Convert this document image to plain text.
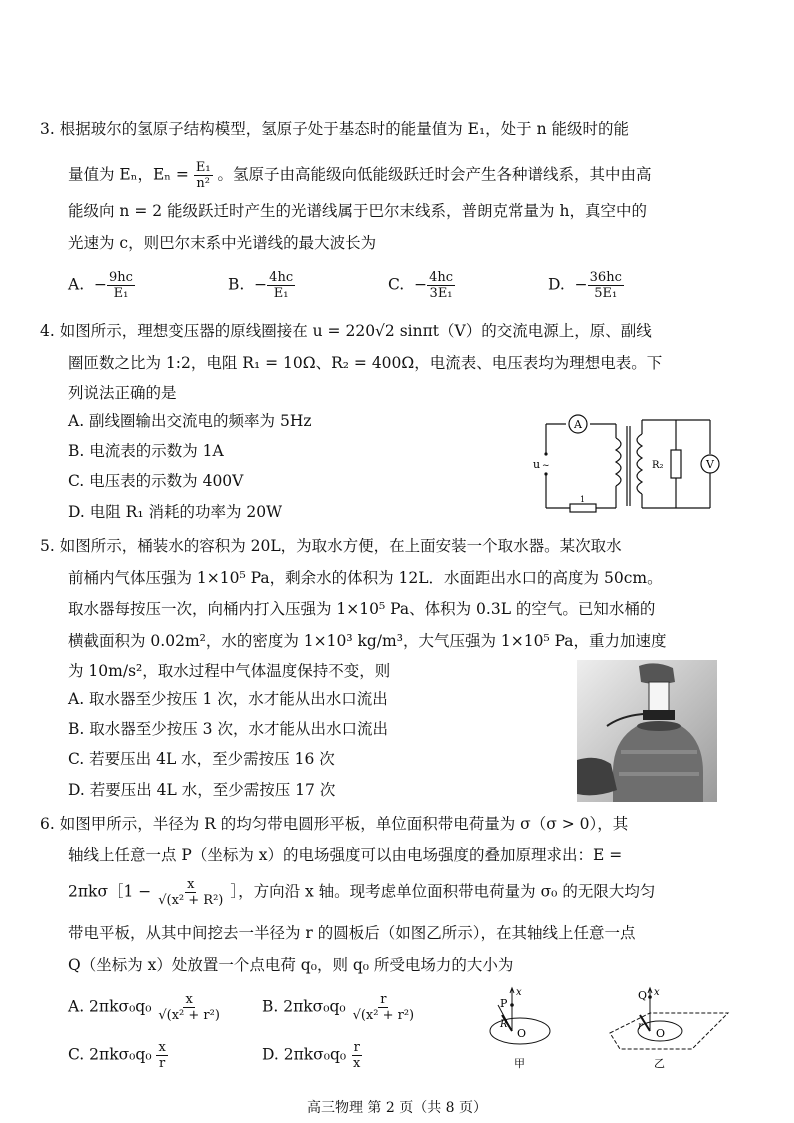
3. 根据玻尔的氢原子结构模型，氢原子处于基态时的能量值为 E₁，处于 n 能级时的能
量值为 Eₙ，$E_n = \frac{\text{E₁}}{\text{n²}}$ 。氢原子由高能级向低能级跃迁时会产生各种谱线系，其中由高
能级向 n = 2 能级跃迁时产生的光谱线属于巴尔末线系，普朗克常量为 h，真空中的
光速为 c，则巴尔末系中光谱线的最大波长为
A.  − $\frac{9hc}{\text{E₁}}$	B.  − $\frac{4hc}{\text{E₁}}$	C.  − $\frac{4hc}{\text{3E₁}}$	D.  − $\frac{36hc}{\text{5E₁}}$
4. 如图所示，理想变压器的原线圈接在 u = 220√2 sinπt（V）的交流电源上，原、副线
圈匝数之比为 1:2，电阻 R₁ = 10Ω、R₂ = 400Ω，电流表、电压表均为理想电表。下
列说法正确的是
A. 副线圈输出交流电的频率为 5Hz
B. 电流表的示数为 1A
C. 电压表的示数为 400V
D. 电阻 R₁ 消耗的功率为 20W
A
V
u ~	R₂
1
5. 如图所示，桶装水的容积为 20L，为取水方便，在上面安装一个取水器。某次取水
前桶内气体压强为 1×10⁵ Pa，剩余水的体积为 12L．水面距出水口的高度为 50cm。
取水器每按压一次，向桶内打入压强为 1×10⁵ Pa、体积为 0.3L 的空气。已知水桶的
横截面积为 0.02m²，水的密度为 1×10³ kg/m³，大气压强为 1×10⁵ Pa，重力加速度
为 10m/s²，取水过程中气体温度保持不变，则
A. 取水器至少按压 1 次，水才能从出水口流出
B. 取水器至少按压 3 次，水才能从出水口流出
C. 若要压出 4L 水，至少需按压 16 次
D. 若要压出 4L 水，至少需按压 17 次
6. 如图甲所示，半径为 R 的均匀带电圆形平板，单位面积带电荷量为 σ（σ > 0），其
轴线上任意一点 P（坐标为 x）的电场强度可以由电场强度的叠加原理求出：E =
2πkσ［1 − $\frac{x}{\text{√(x² + R²)}}$ ］，方向沿 x 轴。现考虑单位面积带电荷量为 σ₀ 的无限大均匀
带电平板，从其中间挖去一半径为 r 的圆板后（如图乙所示），在其轴线上任意一点
Q（坐标为 x）处放置一个点电荷 q₀，则 q₀ 所受电场力的大小为
A. $2\pi k\sigma_0q_0 \frac{x}{\text{√(x² + r²)}}$	B. $2\pi k\sigma_0q_0 \frac{r}{\text{√(x² + r²)}}$
C. $2\pi k\sigma_0q_0 \frac{x}{r}$	D. $2\pi k\sigma_0q_0 \frac{r}{x}$
P
x
R
O
甲
Q x
r
O
乙
高三物理 第 2 页（共 8 页）
